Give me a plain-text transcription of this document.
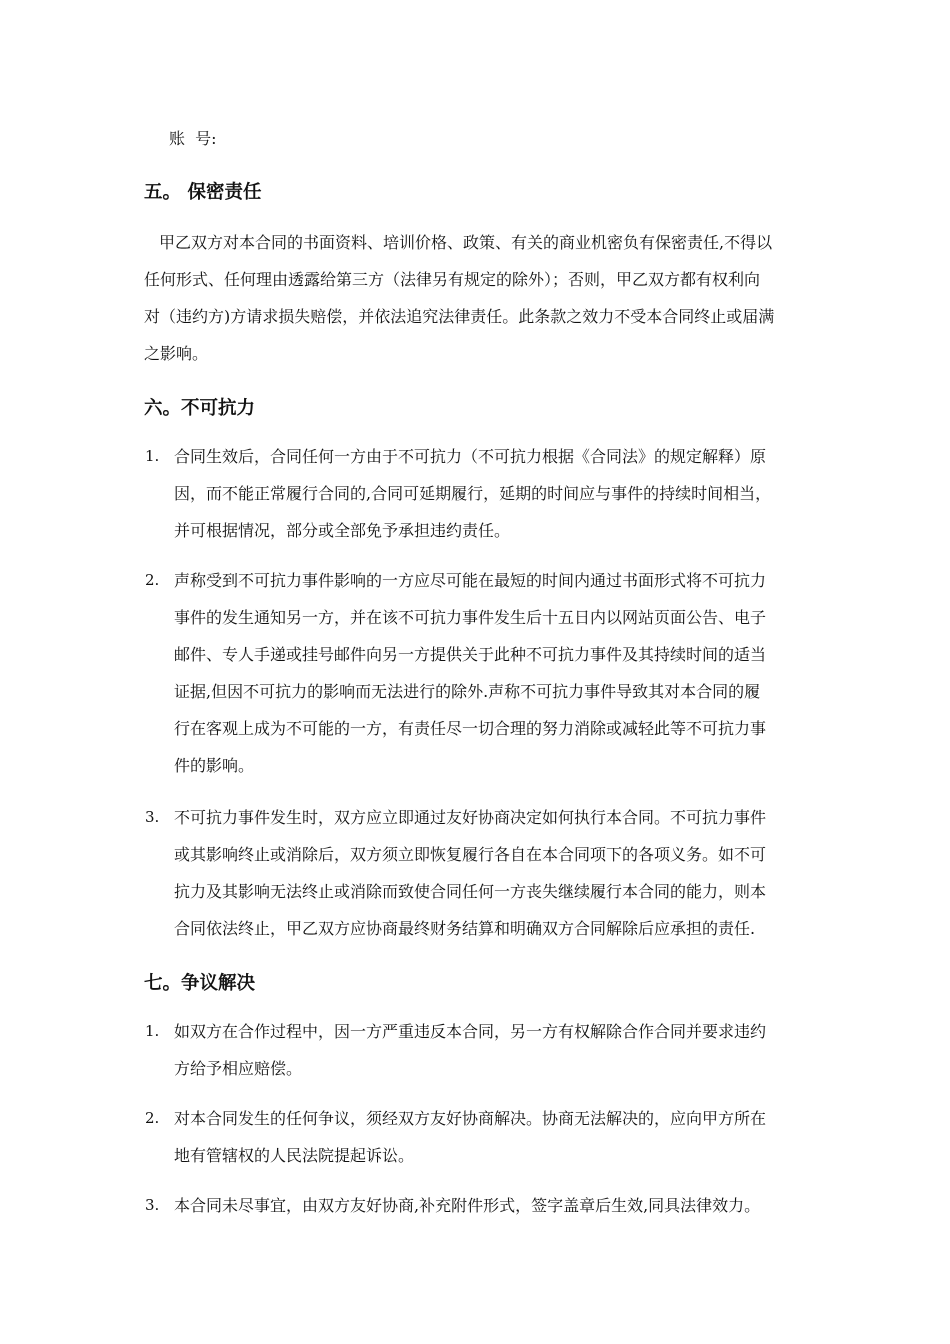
账  号:
五。 保密责任
甲乙双方对本合同的书面资料、培训价格、政策、有关的商业机密负有保密责任,不得以
任何形式、任何理由透露给第三方（法律另有规定的除外）；否则，甲乙双方都有权利向
对（违约方)方请求损失赔偿，并依法追究法律责任。此条款之效力不受本合同终止或届满
之影响。
六。不可抗力
1. 合同生效后，合同任何一方由于不可抗力（不可抗力根据《合同法》的规定解释）原
因，而不能正常履行合同的,合同可延期履行，延期的时间应与事件的持续时间相当，
并可根据情况，部分或全部免予承担违约责任。
2. 声称受到不可抗力事件影响的一方应尽可能在最短的时间内通过书面形式将不可抗力
事件的发生通知另一方，并在该不可抗力事件发生后十五日内以网站页面公告、电子
邮件、专人手递或挂号邮件向另一方提供关于此种不可抗力事件及其持续时间的适当
证据,但因不可抗力的影响而无法进行的除外.声称不可抗力事件导致其对本合同的履
行在客观上成为不可能的一方，有责任尽一切合理的努力消除或减轻此等不可抗力事
件的影响。
3. 不可抗力事件发生时，双方应立即通过友好协商决定如何执行本合同。不可抗力事件
或其影响终止或消除后，双方须立即恢复履行各自在本合同项下的各项义务。如不可
抗力及其影响无法终止或消除而致使合同任何一方丧失继续履行本合同的能力，则本
合同依法终止，甲乙双方应协商最终财务结算和明确双方合同解除后应承担的责任.
七。争议解决
1. 如双方在合作过程中，因一方严重违反本合同，另一方有权解除合作合同并要求违约
方给予相应赔偿。
2. 对本合同发生的任何争议，须经双方友好协商解决。协商无法解决的，应向甲方所在
地有管辖权的人民法院提起诉讼。
3. 本合同未尽事宜，由双方友好协商,补充附件形式，签字盖章后生效,同具法律效力。
